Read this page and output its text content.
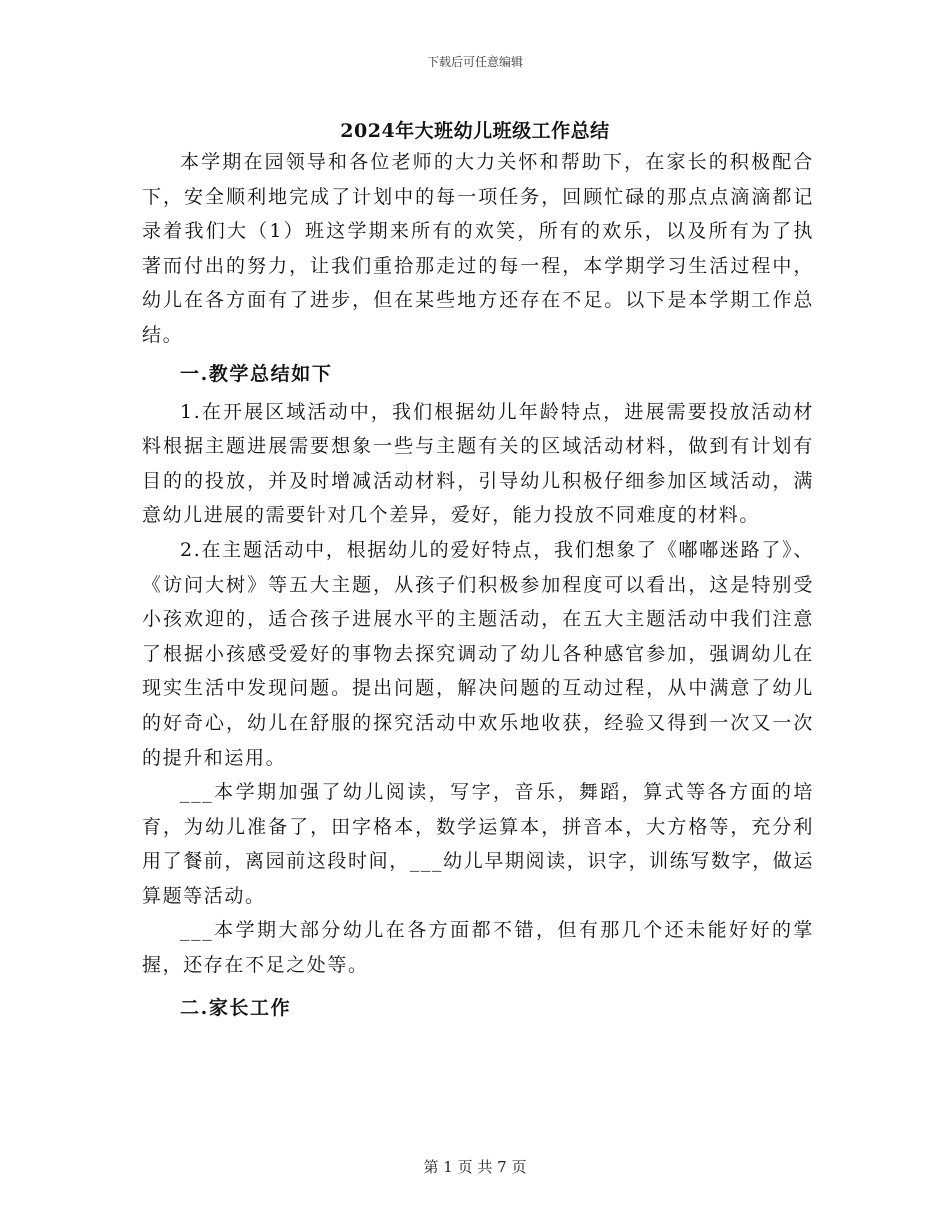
下载后可任意编辑
2024年大班幼儿班级工作总结

本学期在园领导和各位老师的大力关怀和帮助下，在家长的积极配合下，安全顺利地完成了计划中的每一项任务，回顾忙碌的那点点滴滴都记录着我们大（1）班这学期来所有的欢笑，所有的欢乐，以及所有为了执著而付出的努力，让我们重拾那走过的每一程，本学期学习生活过程中，幼儿在各方面有了进步，但在某些地方还存在不足。以下是本学期工作总结。

一.教学总结如下

1.在开展区域活动中，我们根据幼儿年龄特点，进展需要投放活动材料根据主题进展需要想象一些与主题有关的区域活动材料，做到有计划有目的的投放，并及时增减活动材料，引导幼儿积极仔细参加区域活动，满意幼儿进展的需要针对几个差异，爱好，能力投放不同难度的材料。

2.在主题活动中，根据幼儿的爱好特点，我们想象了《嘟嘟迷路了》、《访问大树》等五大主题，从孩子们积极参加程度可以看出，这是特别受小孩欢迎的，适合孩子进展水平的主题活动，在五大主题活动中我们注意了根据小孩感受爱好的事物去探究调动了幼儿各种感官参加，强调幼儿在现实生活中发现问题。提出问题，解决问题的互动过程，从中满意了幼儿的好奇心，幼儿在舒服的探究活动中欢乐地收获，经验又得到一次又一次的提升和运用。

___本学期加强了幼儿阅读，写字，音乐，舞蹈，算式等各方面的培育，为幼儿准备了，田字格本，数学运算本，拼音本，大方格等，充分利用了餐前，离园前这段时间，___幼儿早期阅读，识字，训练写数字，做运算题等活动。

___本学期大部分幼儿在各方面都不错，但有那几个还未能好好的掌握，还存在不足之处等。

二.家长工作
第 1 页 共 7 页
